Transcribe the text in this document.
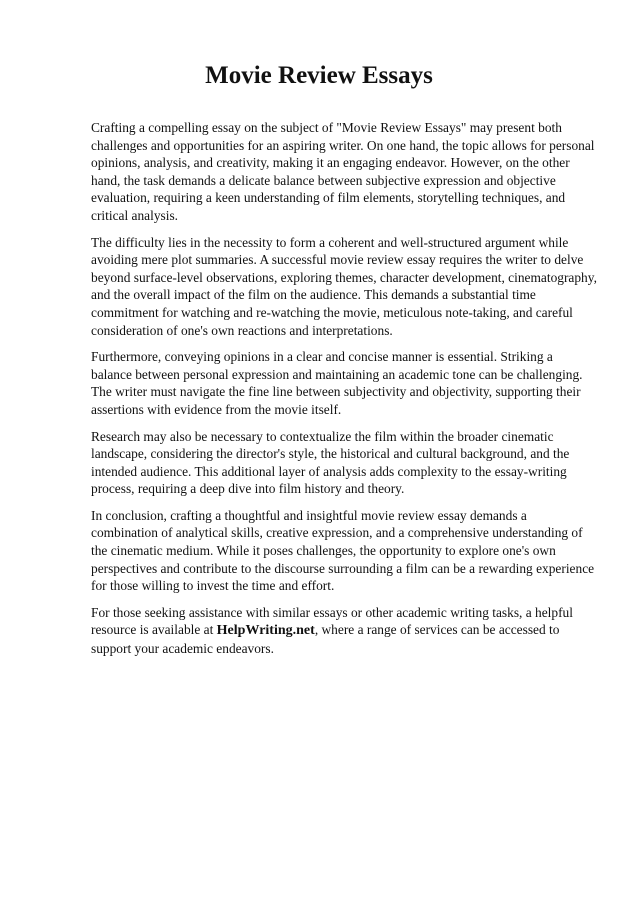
Movie Review Essays

Crafting a compelling essay on the subject of "Movie Review Essays" may present both challenges and opportunities for an aspiring writer. On one hand, the topic allows for personal opinions, analysis, and creativity, making it an engaging endeavor. However, on the other hand, the task demands a delicate balance between subjective expression and objective evaluation, requiring a keen understanding of film elements, storytelling techniques, and critical analysis.

The difficulty lies in the necessity to form a coherent and well-structured argument while avoiding mere plot summaries. A successful movie review essay requires the writer to delve beyond surface-level observations, exploring themes, character development, cinematography, and the overall impact of the film on the audience. This demands a substantial time commitment for watching and re-watching the movie, meticulous note-taking, and careful consideration of one's own reactions and interpretations.

Furthermore, conveying opinions in a clear and concise manner is essential. Striking a balance between personal expression and maintaining an academic tone can be challenging. The writer must navigate the fine line between subjectivity and objectivity, supporting their assertions with evidence from the movie itself.

Research may also be necessary to contextualize the film within the broader cinematic landscape, considering the director's style, the historical and cultural background, and the intended audience. This additional layer of analysis adds complexity to the essay-writing process, requiring a deep dive into film history and theory.

In conclusion, crafting a thoughtful and insightful movie review essay demands a combination of analytical skills, creative expression, and a comprehensive understanding of the cinematic medium. While it poses challenges, the opportunity to explore one's own perspectives and contribute to the discourse surrounding a film can be a rewarding experience for those willing to invest the time and effort.

For those seeking assistance with similar essays or other academic writing tasks, a helpful resource is available at HelpWriting.net, where a range of services can be accessed to support your academic endeavors.
